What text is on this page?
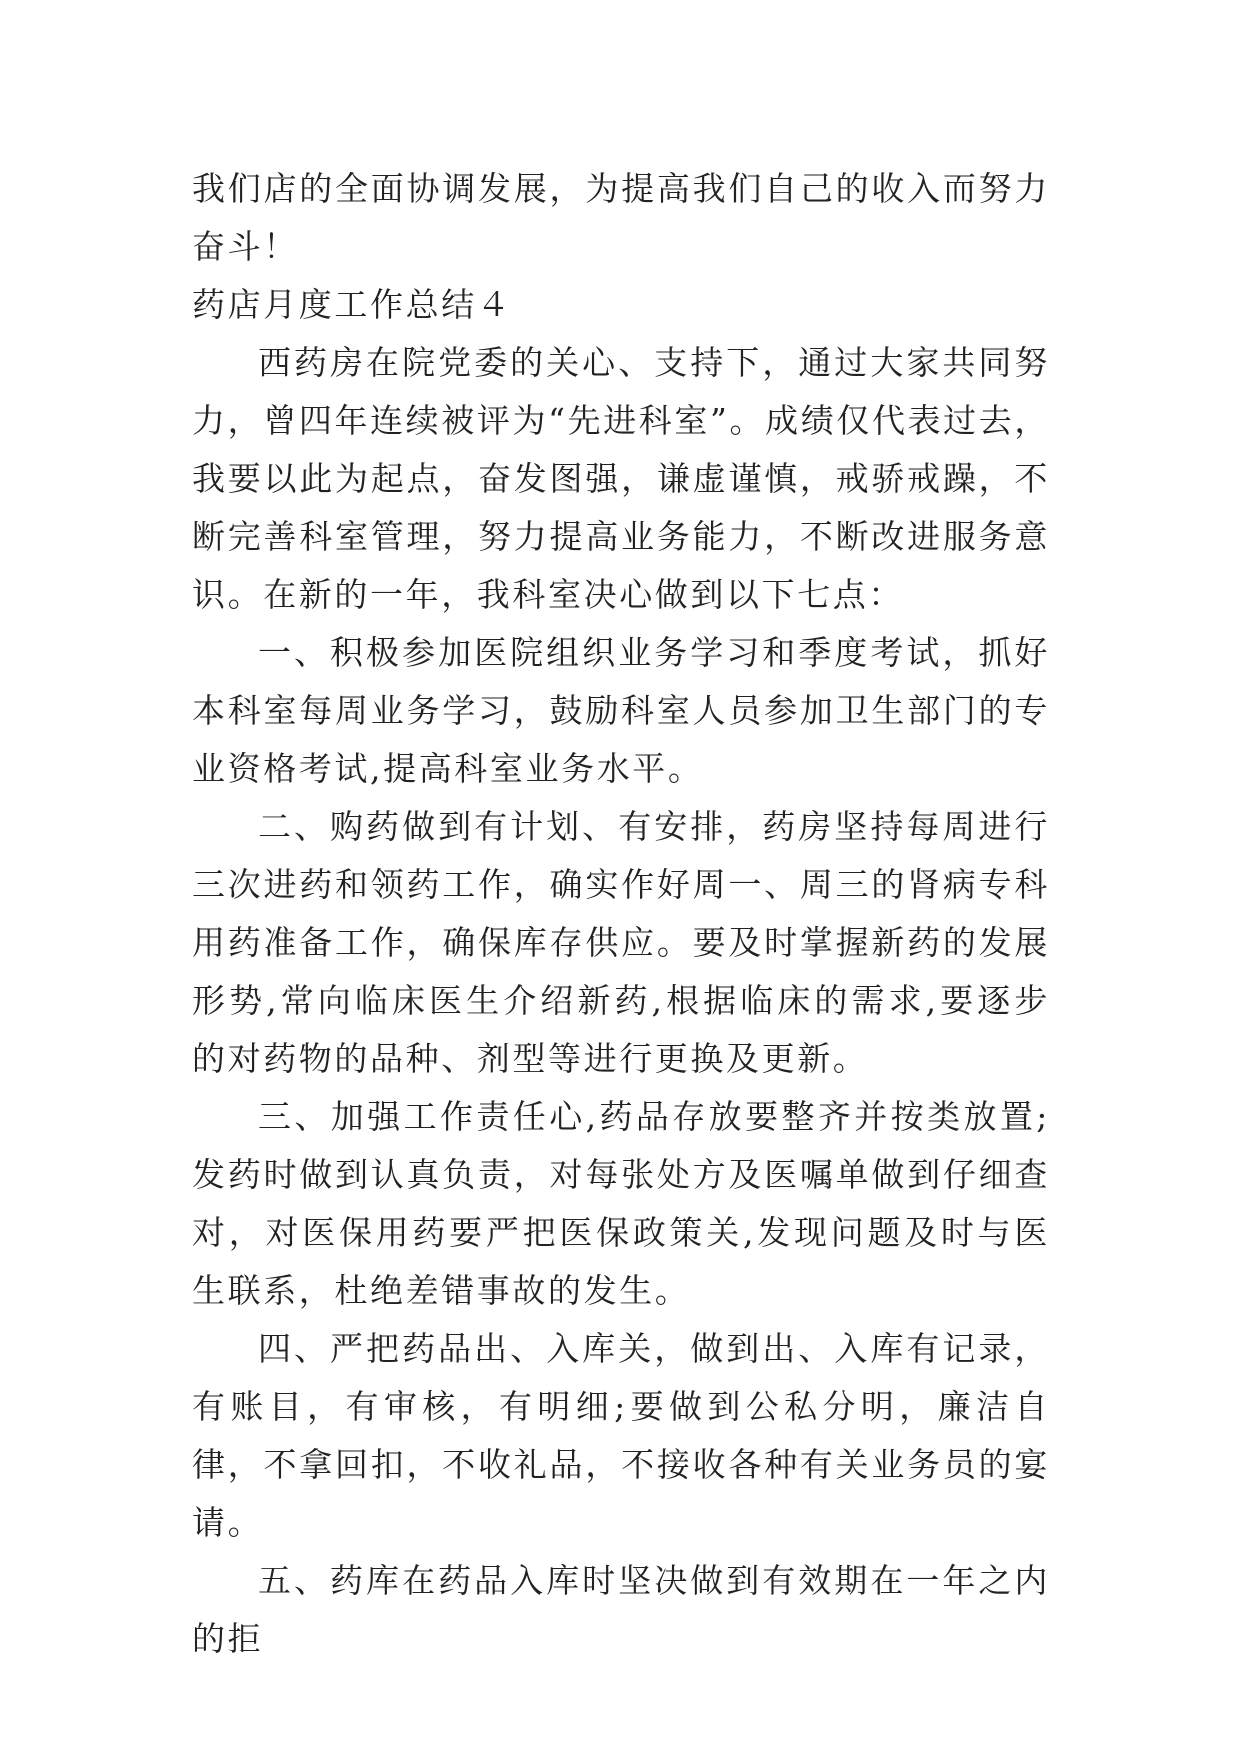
我们店的全面协调发展，为提高我们自己的收入而努力奋斗！

药店月度工作总结４

西药房在院党委的关心、支持下，通过大家共同努力，曾四年连续被评为“先进科室”。成绩仅代表过去，我要以此为起点，奋发图强，谦虚谨慎，戒骄戒躁，不断完善科室管理，努力提高业务能力，不断改进服务意识。在新的一年，我科室决心做到以下七点：

一、积极参加医院组织业务学习和季度考试，抓好本科室每周业务学习，鼓励科室人员参加卫生部门的专业资格考试,提高科室业务水平。

二、购药做到有计划、有安排，药房坚持每周进行三次进药和领药工作，确实作好周一、周三的肾病专科用药准备工作，确保库存供应。要及时掌握新药的发展形势,常向临床医生介绍新药,根据临床的需求,要逐步的对药物的品种、剂型等进行更换及更新。

三、加强工作责任心,药品存放要整齐并按类放置;发药时做到认真负责，对每张处方及医嘱单做到仔细查对，对医保用药要严把医保政策关,发现问题及时与医生联系，杜绝差错事故的发生。

四、严把药品出、入库关，做到出、入库有记录，有账目，有审核，有明细;要做到公私分明，廉洁自律，不拿回扣，不收礼品，不接收各种有关业务员的宴请。

五、药库在药品入库时坚决做到有效期在一年之内的拒
